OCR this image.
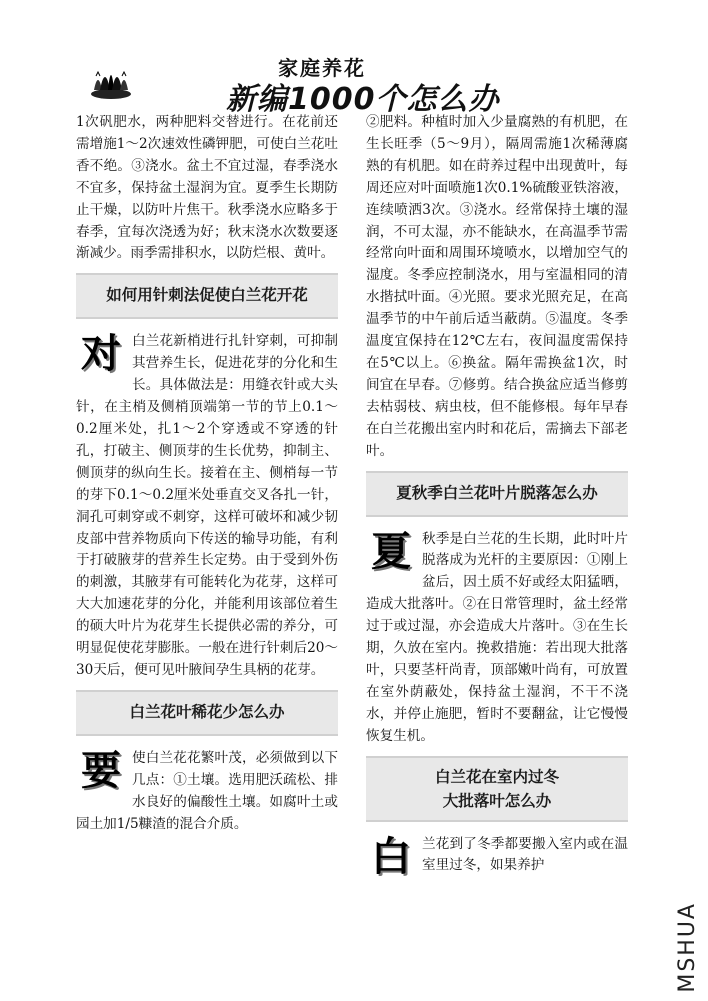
家庭养花
新编1000个怎么办

1次矾肥水，两种肥料交替进行。在花前还需增施1～2次速效性磷钾肥，可使白兰花吐香不绝。③浇水。盆土不宜过湿，春季浇水不宜多，保持盆土湿润为宜。夏季生长期防止干燥，以防叶片焦干。秋季浇水应略多于春季，宜每次浇透为好；秋末浇水次数要逐渐减少。雨季需排积水，以防烂根、黄叶。

如何用针刺法促使白兰花开花
对 白兰花新梢进行扎针穿刺，可抑制其营养生长，促进花芽的分化和生长。具体做法是：用缝衣针或大头针，在主梢及侧梢顶端第一节的节上0.1～0.2厘米处，扎1～2个穿透或不穿透的针孔，打破主、侧顶芽的生长优势，抑制主、侧顶芽的纵向生长。接着在主、侧梢每一节的芽下0.1～0.2厘米处垂直交叉各扎一针，洞孔可刺穿或不刺穿，这样可破坏和减少韧皮部中营养物质向下传送的输导功能，有利于打破腋芽的营养生长定势。由于受到外伤的刺激，其腋芽有可能转化为花芽，这样可大大加速花芽的分化，并能利用该部位着生的硕大叶片为花芽生长提供必需的养分，可明显促使花芽膨胀。一般在进行针刺后20～30天后，便可见叶腋间孕生具柄的花芽。

白兰花叶稀花少怎么办
要 使白兰花花繁叶茂，必须做到以下几点：①土壤。选用肥沃疏松、排水良好的偏酸性土壤。如腐叶土或园土加1/5糠渣的混合介质。

②肥料。种植时加入少量腐熟的有机肥，在生长旺季（5～9月），隔周需施1次稀薄腐熟的有机肥。如在莳养过程中出现黄叶，每周还应对叶面喷施1次0.1%硫酸亚铁溶液，连续喷洒3次。③浇水。经常保持土壤的湿润，不可太湿，亦不能缺水，在高温季节需经常向叶面和周围环境喷水，以增加空气的湿度。冬季应控制浇水，用与室温相同的清水揩拭叶面。④光照。要求光照充足，在高温季节的中午前后适当蔽荫。⑤温度。冬季温度宜保持在12℃左右，夜间温度需保持在5℃以上。⑥换盆。隔年需换盆1次，时间宜在早春。⑦修剪。结合换盆应适当修剪去枯弱枝、病虫枝，但不能修根。每年早春在白兰花搬出室内时和花后，需摘去下部老叶。

夏秋季白兰花叶片脱落怎么办
夏 秋季是白兰花的生长期，此时叶片脱落成为光杆的主要原因：①刚上盆后，因土质不好或经太阳猛晒，造成大批落叶。②在日常管理时，盆土经常过于或过湿，亦会造成大片落叶。③在生长期，久放在室内。挽救措施：若出现大批落叶，只要茎杆尚青，顶部嫩叶尚有，可放置在室外荫蔽处，保持盆土湿润，不干不浇水，并停止施肥，暂时不要翻盆，让它慢慢恢复生机。

白兰花在室内过冬
大批落叶怎么办
白 兰花到了冬季都要搬入室内或在温室里过冬，如果养护

MSHUA
